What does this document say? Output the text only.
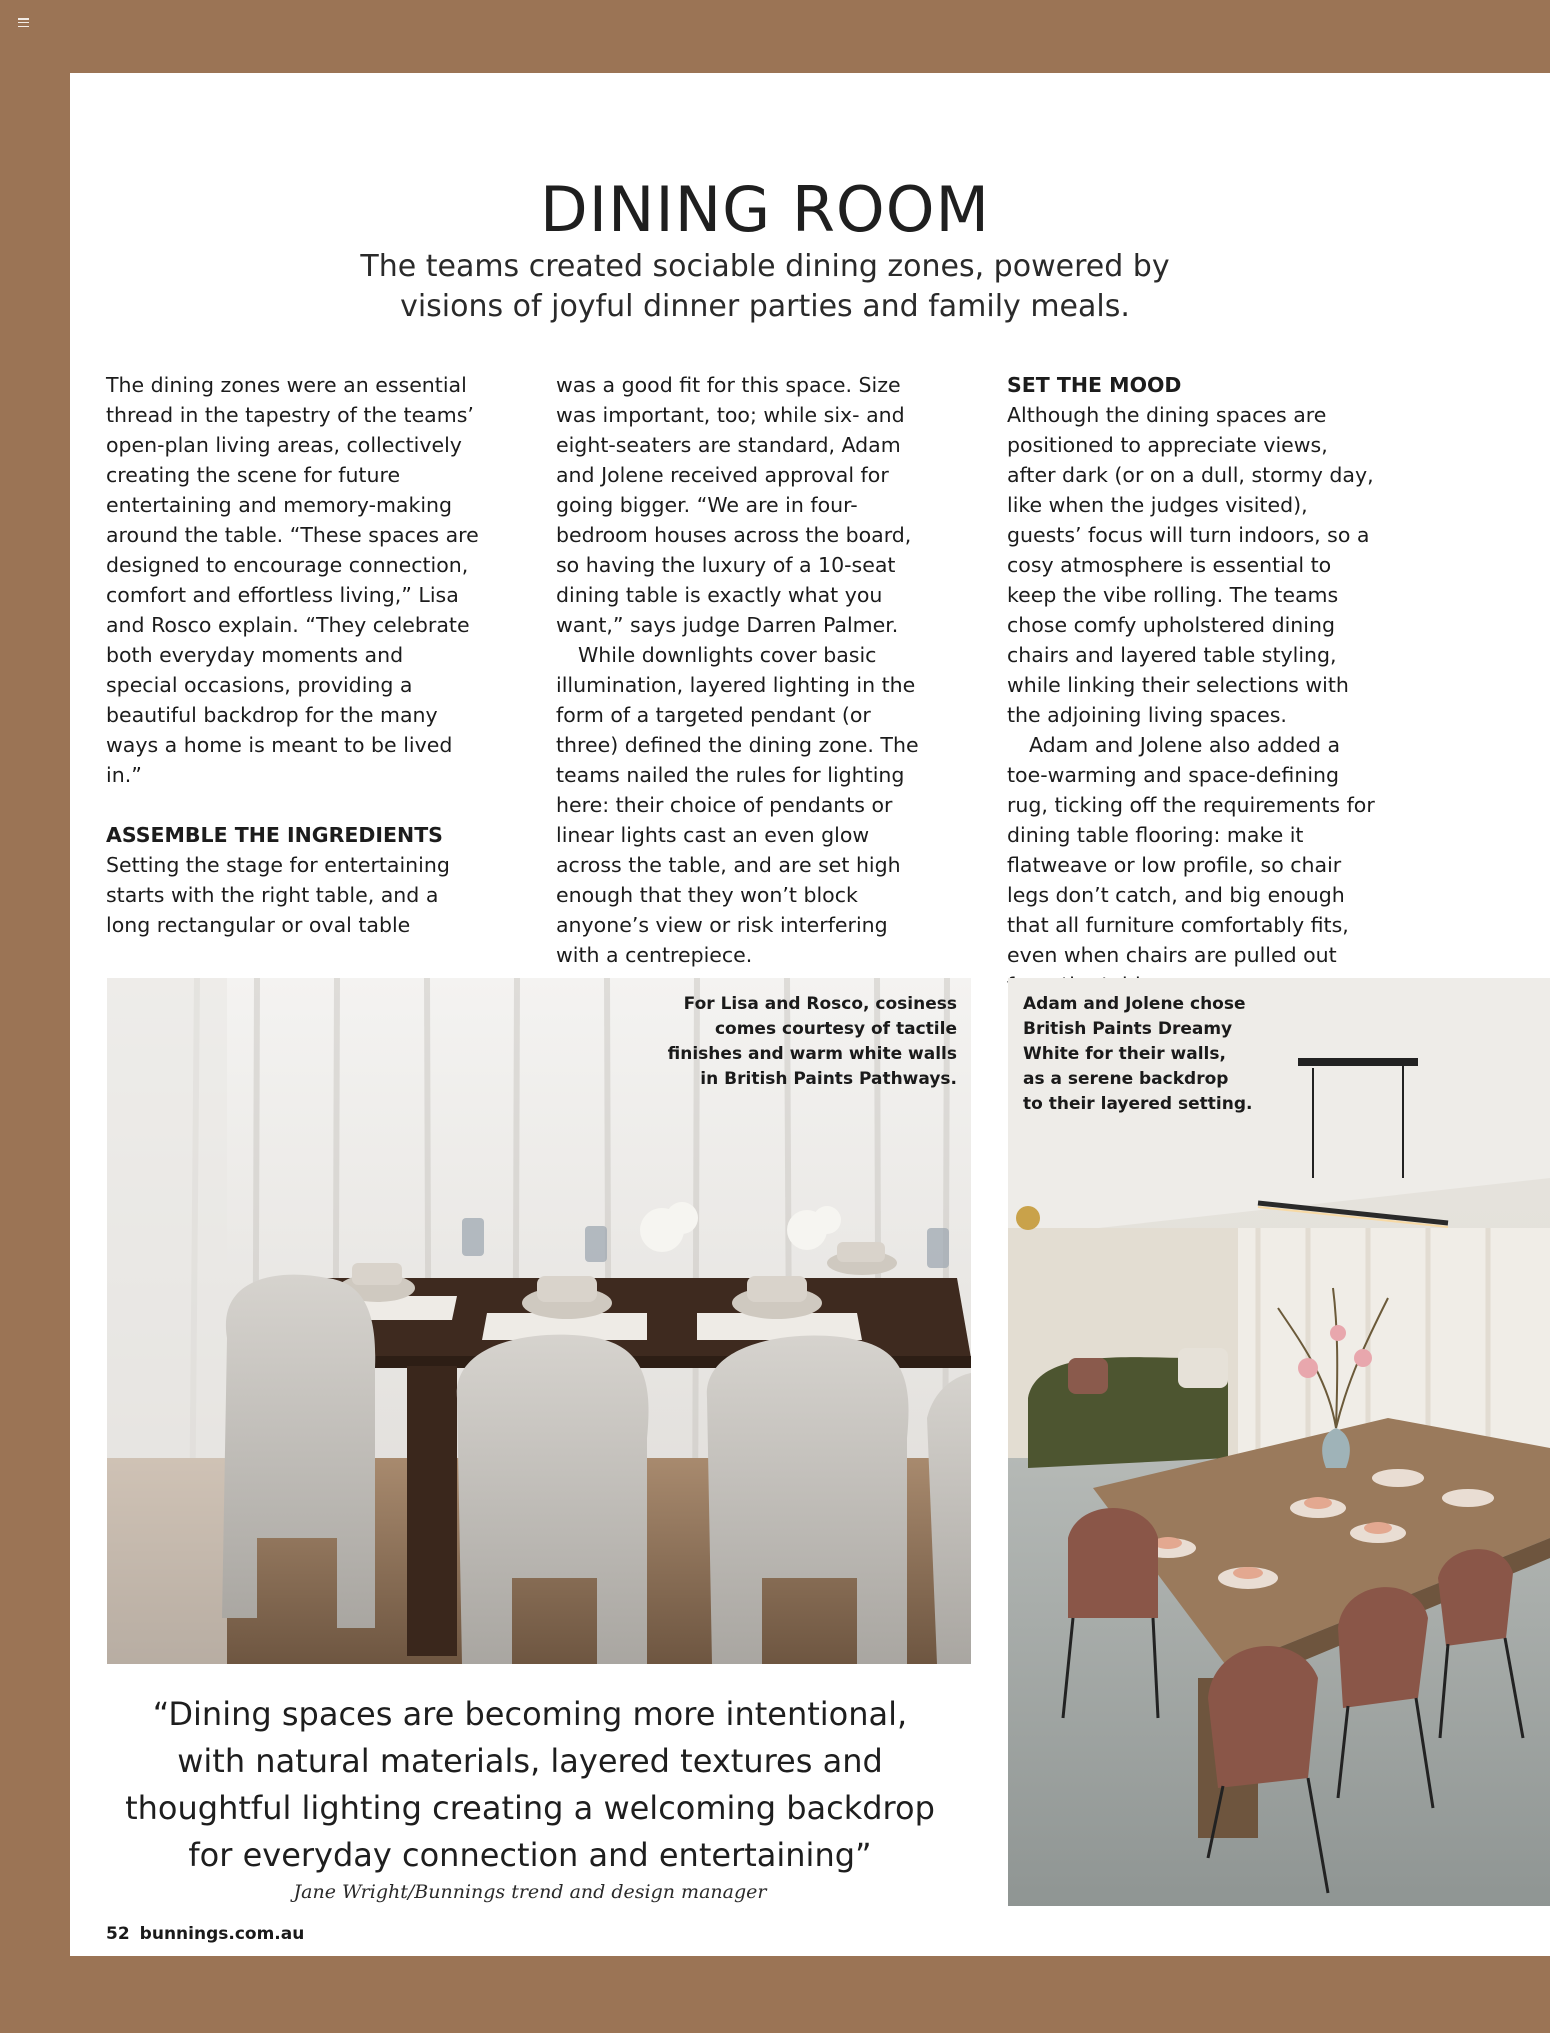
DINING ROOM
The teams created sociable dining zones, powered by
visions of joyful dinner parties and family meals.

The dining zones were an essential thread in the tapestry of the teams’ open-plan living areas, collectively creating the scene for future entertaining and memory-making around the table. “These spaces are designed to encourage connection, comfort and effortless living,” Lisa and Rosco explain. “They celebrate both everyday moments and special occasions, providing a beautiful backdrop for the many ways a home is meant to be lived in.”

ASSEMBLE THE INGREDIENTS

Setting the stage for entertaining starts with the right table, and a long rectangular or oval table

was a good fit for this space. Size was important, too; while six- and eight-seaters are standard, Adam and Jolene received approval for going bigger. “We are in four-bedroom houses across the board, so having the luxury of a 10-seat dining table is exactly what you want,” says judge Darren Palmer.

While downlights cover basic illumination, layered lighting in the form of a targeted pendant (or three) defined the dining zone. The teams nailed the rules for lighting here: their choice of pendants or linear lights cast an even glow across the table, and are set high enough that they won’t block anyone’s view or risk interfering with a centrepiece.

SET THE MOOD

Although the dining spaces are positioned to appreciate views, after dark (or on a dull, stormy day, like when the judges visited), guests’ focus will turn indoors, so a cosy atmosphere is essential to keep the vibe rolling. The teams chose comfy upholstered dining chairs and layered table styling, while linking their selections with the adjoining living spaces.

Adam and Jolene also added a toe-warming and space-defining rug, ticking off the requirements for dining table flooring: make it flatweave or low profile, so chair legs don’t catch, and big enough that all furniture comfortably fits, even when chairs are pulled out

For Lisa and Rosco, cosiness
comes courtesy of tactile
finishes and warm white walls
in British Paints Pathways.
Adam and Jolene chose
British Paints Dreamy
White for their walls,
as a serene backdrop
to their layered setting.
“Dining spaces are becoming more intentional,
with natural materials, layered textures and
thoughtful lighting creating a welcoming backdrop
for everyday connection and entertaining”
Jane Wright/Bunnings trend and design manager
52 bunnings.com.au
